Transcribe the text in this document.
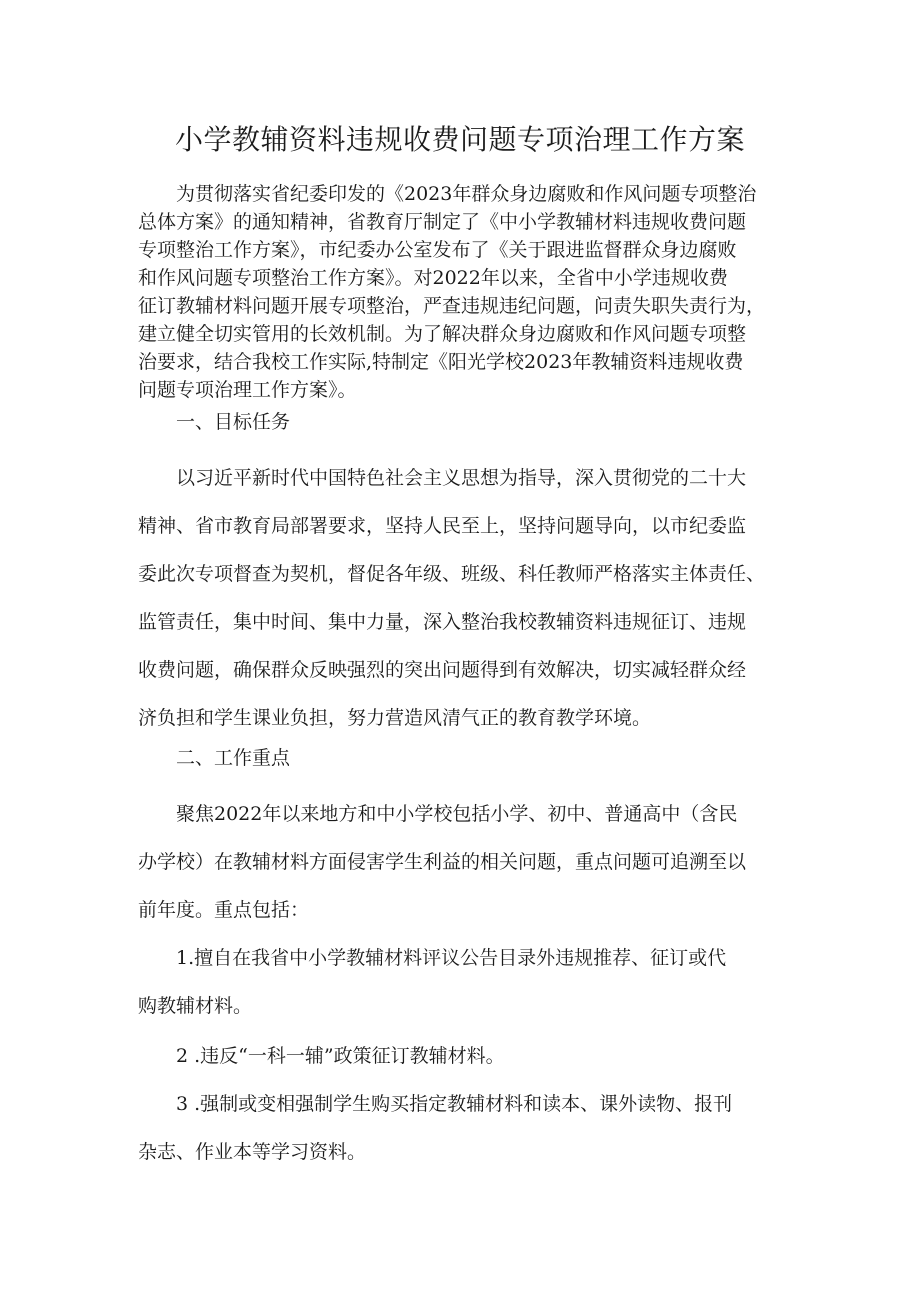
小学教辅资料违规收费问题专项治理工作方案
为贯彻落实省纪委印发的《2023年群众身边腐败和作风问题专项整治
总体方案》的通知精神，省教育厅制定了《中小学教辅材料违规收费问题
专项整治工作方案》，市纪委办公室发布了《关于跟进监督群众身边腐败
和作风问题专项整治工作方案》。对2022年以来，全省中小学违规收费
征订教辅材料问题开展专项整治，严查违规违纪问题，问责失职失责行为，
建立健全切实管用的长效机制。为了解决群众身边腐败和作风问题专项整
治要求，结合我校工作实际,特制定《阳光学校2023年教辅资料违规收费
问题专项治理工作方案》。
一、目标任务
以习近平新时代中国特色社会主义思想为指导，深入贯彻党的二十大
精神、省市教育局部署要求，坚持人民至上，坚持问题导向，以市纪委监
委此次专项督查为契机，督促各年级、班级、科任教师严格落实主体责任、
监管责任，集中时间、集中力量，深入整治我校教辅资料违规征订、违规
收费问题，确保群众反映强烈的突出问题得到有效解决，切实减轻群众经
济负担和学生课业负担，努力营造风清气正的教育教学环境。
二、工作重点
聚焦2022年以来地方和中小学校包括小学、初中、普通高中（含民
办学校）在教辅材料方面侵害学生利益的相关问题，重点问题可追溯至以
前年度。重点包括：
1.擅自在我省中小学教辅材料评议公告目录外违规推荐、征订或代
购教辅材料。
2 .违反“一科一辅”政策征订教辅材料。
3 .强制或变相强制学生购买指定教辅材料和读本、课外读物、报刊
杂志、作业本等学习资料。
